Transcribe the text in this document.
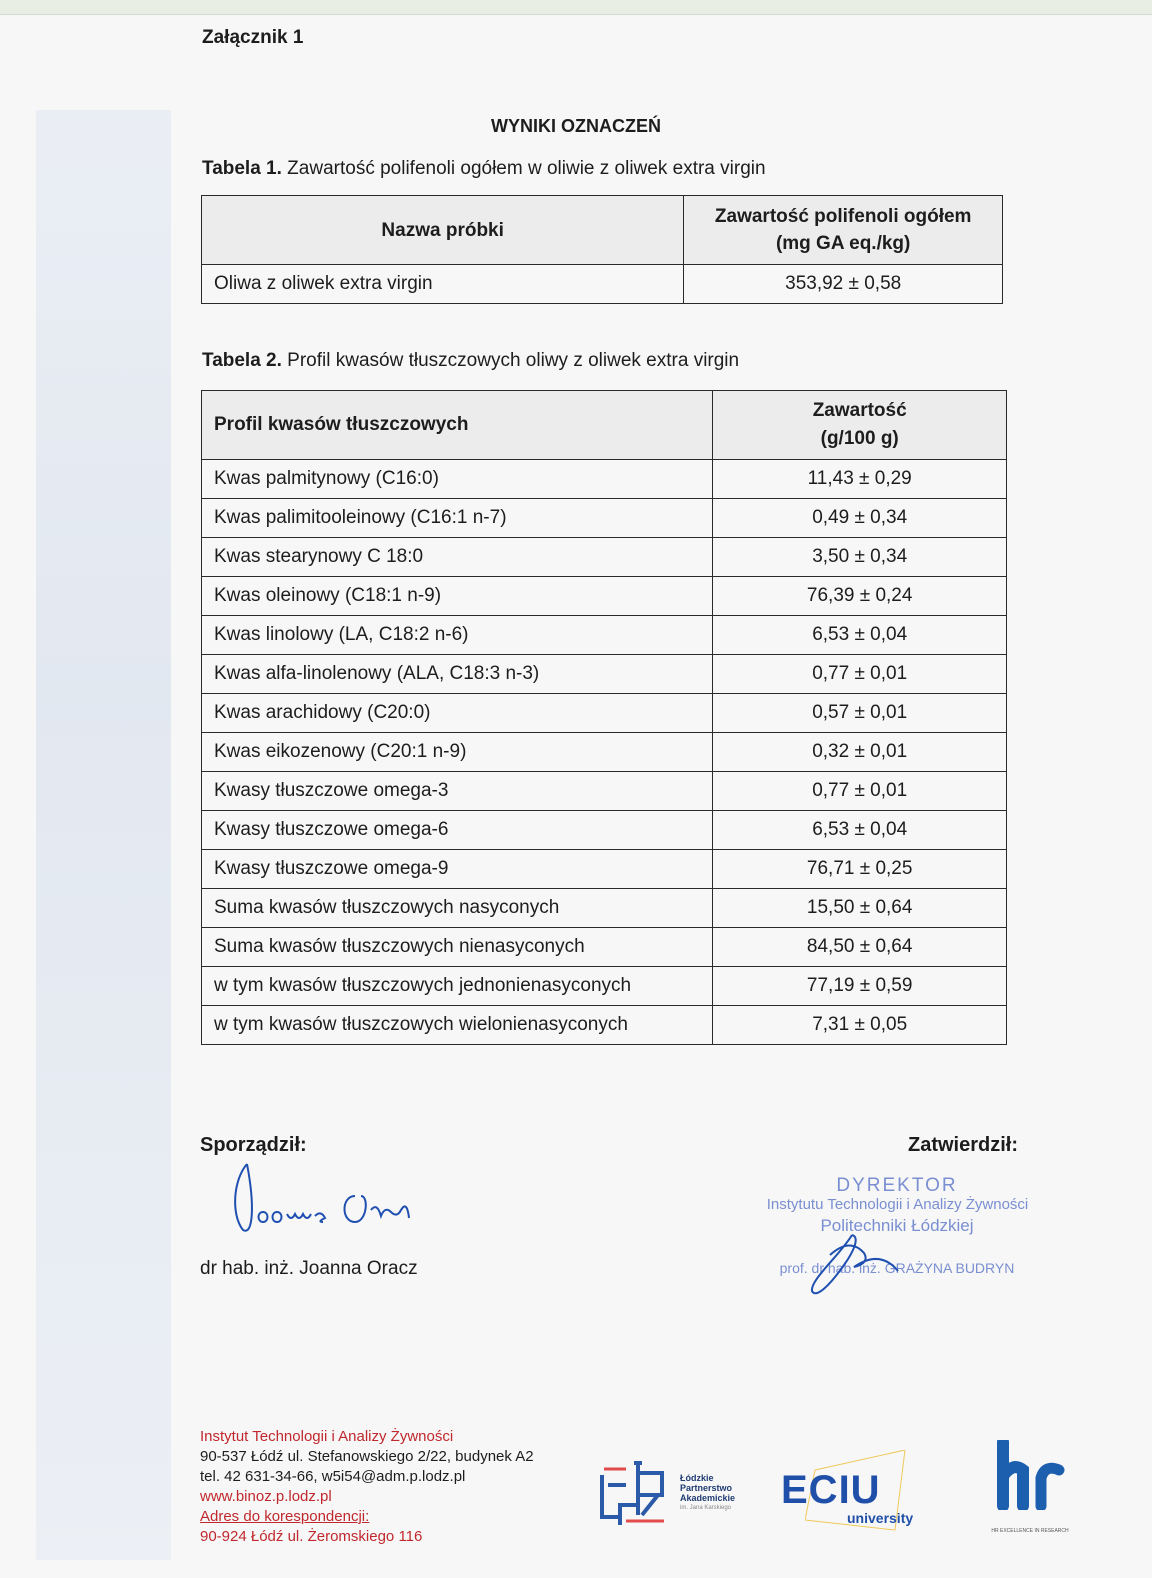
Załącznik 1
WYNIKI OZNACZEŃ
Tabela 1. Zawartość polifenoli ogółem w oliwie z oliwek extra virgin
Nazwa próbki	Zawartość polifenoli ogółem
(mg GA eq./kg)

Oliwa z oliwek extra virgin	353,92 ± 0,58
Tabela 2. Profil kwasów tłuszczowych oliwy z oliwek extra virgin
Profil kwasów tłuszczowych	Zawartość
(g/100 g)

Kwas palmitynowy (C16:0)	11,43 ± 0,29
Kwas palimitooleinowy (C16:1 n-7)	0,49 ± 0,34
Kwas stearynowy C 18:0	3,50 ± 0,34
Kwas oleinowy (C18:1 n-9)	76,39 ± 0,24
Kwas linolowy (LA, C18:2 n-6)	6,53 ± 0,04
Kwas alfa-linolenowy (ALA, C18:3 n-3)	0,77 ± 0,01
Kwas arachidowy (C20:0)	0,57 ± 0,01
Kwas eikozenowy (C20:1 n-9)	0,32 ± 0,01
Kwasy tłuszczowe omega-3	0,77 ± 0,01
Kwasy tłuszczowe omega-6	6,53 ± 0,04
Kwasy tłuszczowe omega-9	76,71 ± 0,25
Suma kwasów tłuszczowych nasyconych	15,50 ± 0,64
Suma kwasów tłuszczowych nienasyconych	84,50 ± 0,64
w tym kwasów tłuszczowych jednonienasyconych	77,19 ± 0,59
w tym kwasów tłuszczowych wielonienasyconych	7,31 ± 0,05
Sporządził:	Zatwierdził:
dr hab. inż. Joanna Oracz
DYREKTOR
Instytutu Technologii i Analizy Żywności
Politechniki Łódzkiej
prof. dr hab. inż. GRAŻYNA BUDRYN
Instytut Technologii i Analizy Żywności
90-537 Łódź ul. Stefanowskiego 2/22, budynek A2
tel. 42 631-34-66, w5i54@adm.p.lodz.pl
www.binoz.p.lodz.pl
Adres do korespondencji:
90-924 Łódź ul. Żeromskiego 116
Łódzkie
Partnerstwo
Akademickie
im. Jana Karskiego ECIU
university
HR EXCELLENCE IN RESEARCH
